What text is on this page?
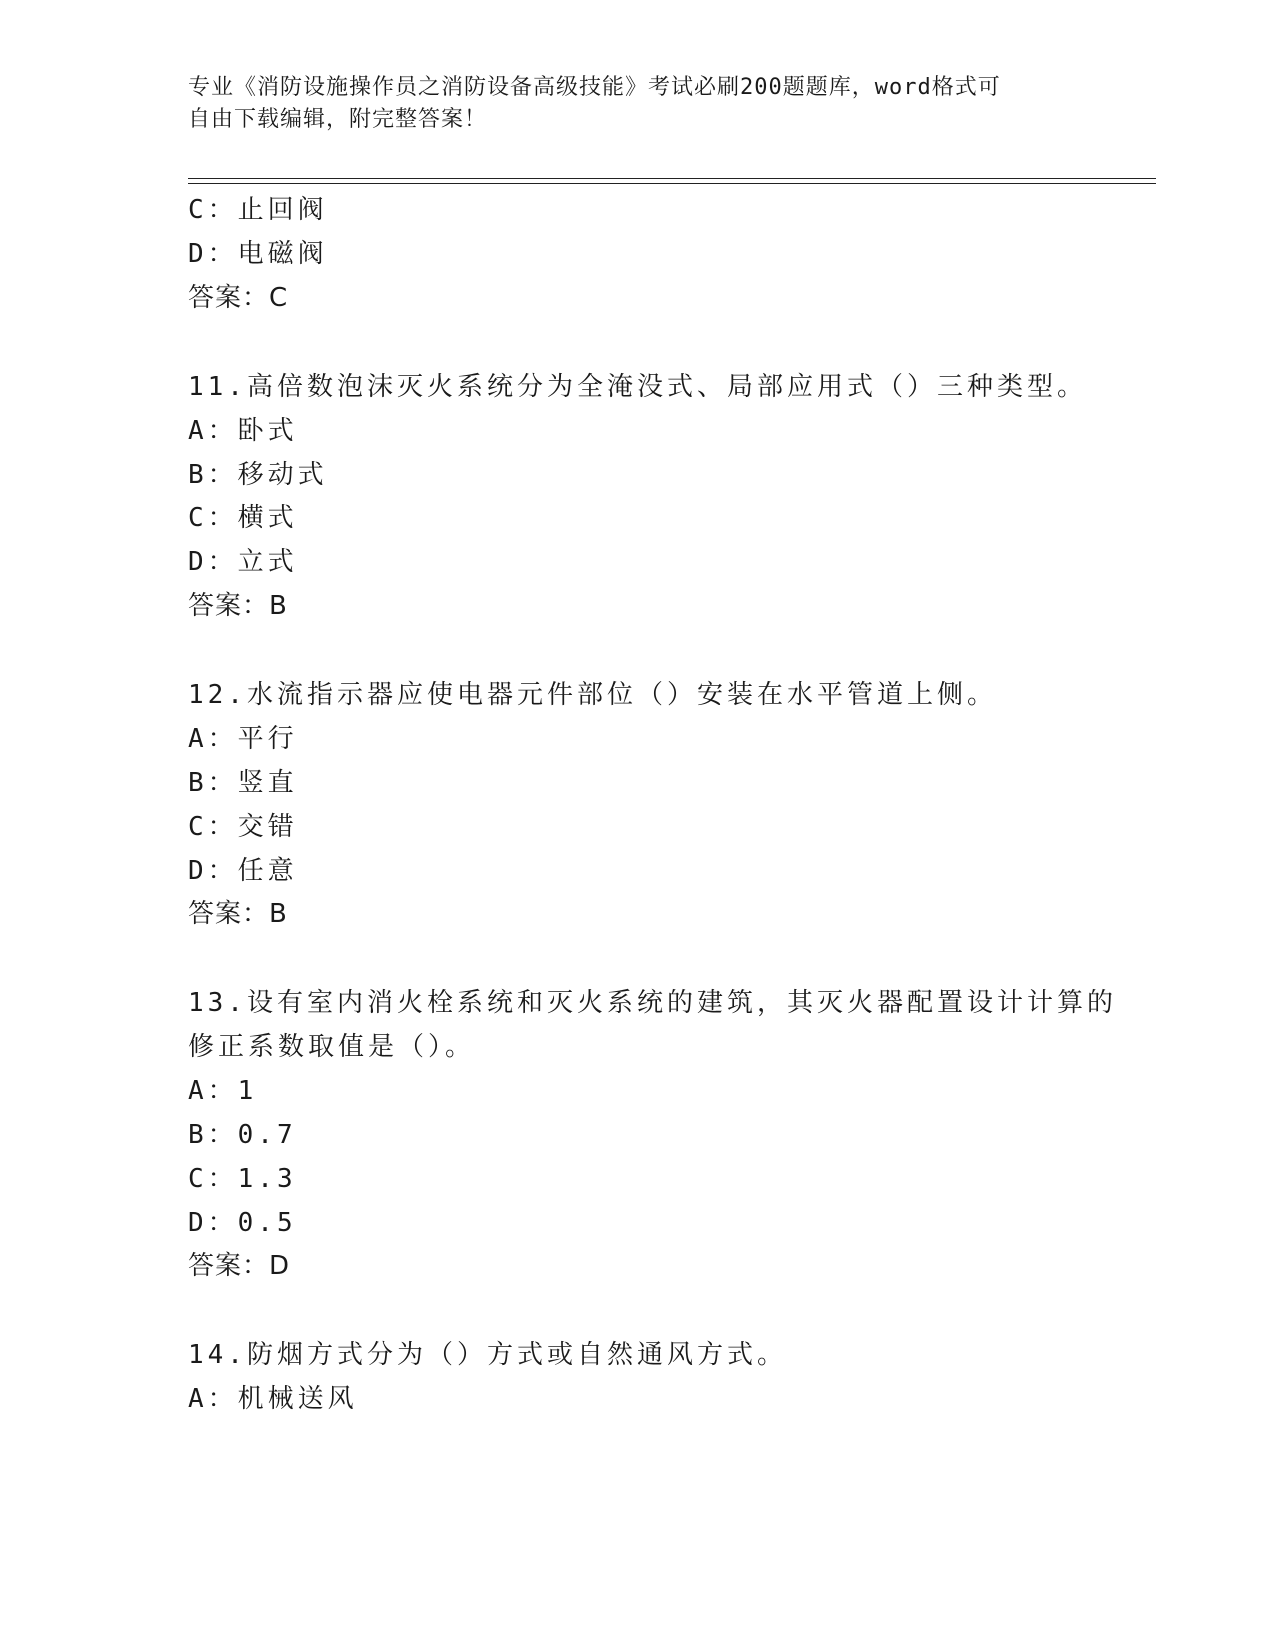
专业《消防设施操作员之消防设备高级技能》考试必刷200题题库，word格式可
自由下载编辑，附完整答案！
C：止回阀
D：电磁阀
答案：C
11.高倍数泡沫灭火系统分为全淹没式、局部应用式（）三种类型。
A：卧式
B：移动式
C：横式
D：立式
答案：B
12.水流指示器应使电器元件部位（）安装在水平管道上侧。
A：平行
B：竖直
C：交错
D：任意
答案：B
13.设有室内消火栓系统和灭火系统的建筑，其灭火器配置设计计算的
修正系数取值是（）。
A：1
B：0.7
C：1.3
D：0.5
答案：D
14.防烟方式分为（）方式或自然通风方式。
A：机械送风
